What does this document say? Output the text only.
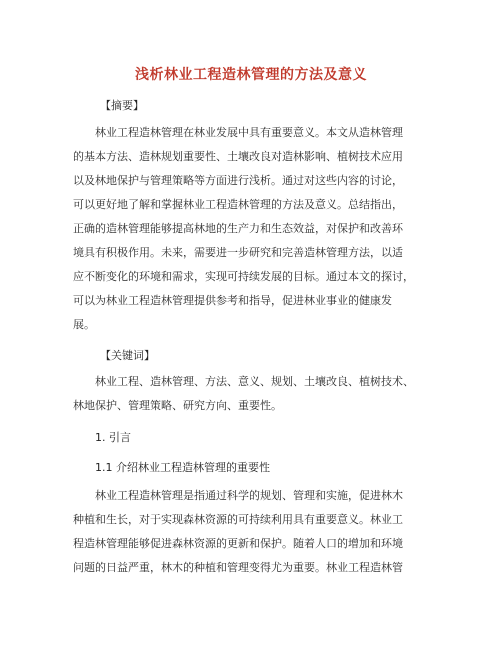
浅析林业工程造林管理的方法及意义
【摘要】
林业工程造林管理在林业发展中具有重要意义。本文从造林管理
的基本方法、造林规划重要性、土壤改良对造林影响、植树技术应用
以及林地保护与管理策略等方面进行浅析。通过对这些内容的讨论，
可以更好地了解和掌握林业工程造林管理的方法及意义。总结指出，
正确的造林管理能够提高林地的生产力和生态效益，对保护和改善环
境具有积极作用。未来，需要进一步研究和完善造林管理方法，以适
应不断变化的环境和需求，实现可持续发展的目标。通过本文的探讨，
可以为林业工程造林管理提供参考和指导，促进林业事业的健康发
展。
【关键词】
林业工程、造林管理、方法、意义、规划、土壤改良、植树技术、
林地保护、管理策略、研究方向、重要性。
1. 引言
1.1 介绍林业工程造林管理的重要性
林业工程造林管理是指通过科学的规划、管理和实施，促进林木
种植和生长，对于实现森林资源的可持续利用具有重要意义。林业工
程造林管理能够促进森林资源的更新和保护。随着人口的增加和环境
问题的日益严重，林木的种植和管理变得尤为重要。林业工程造林管
